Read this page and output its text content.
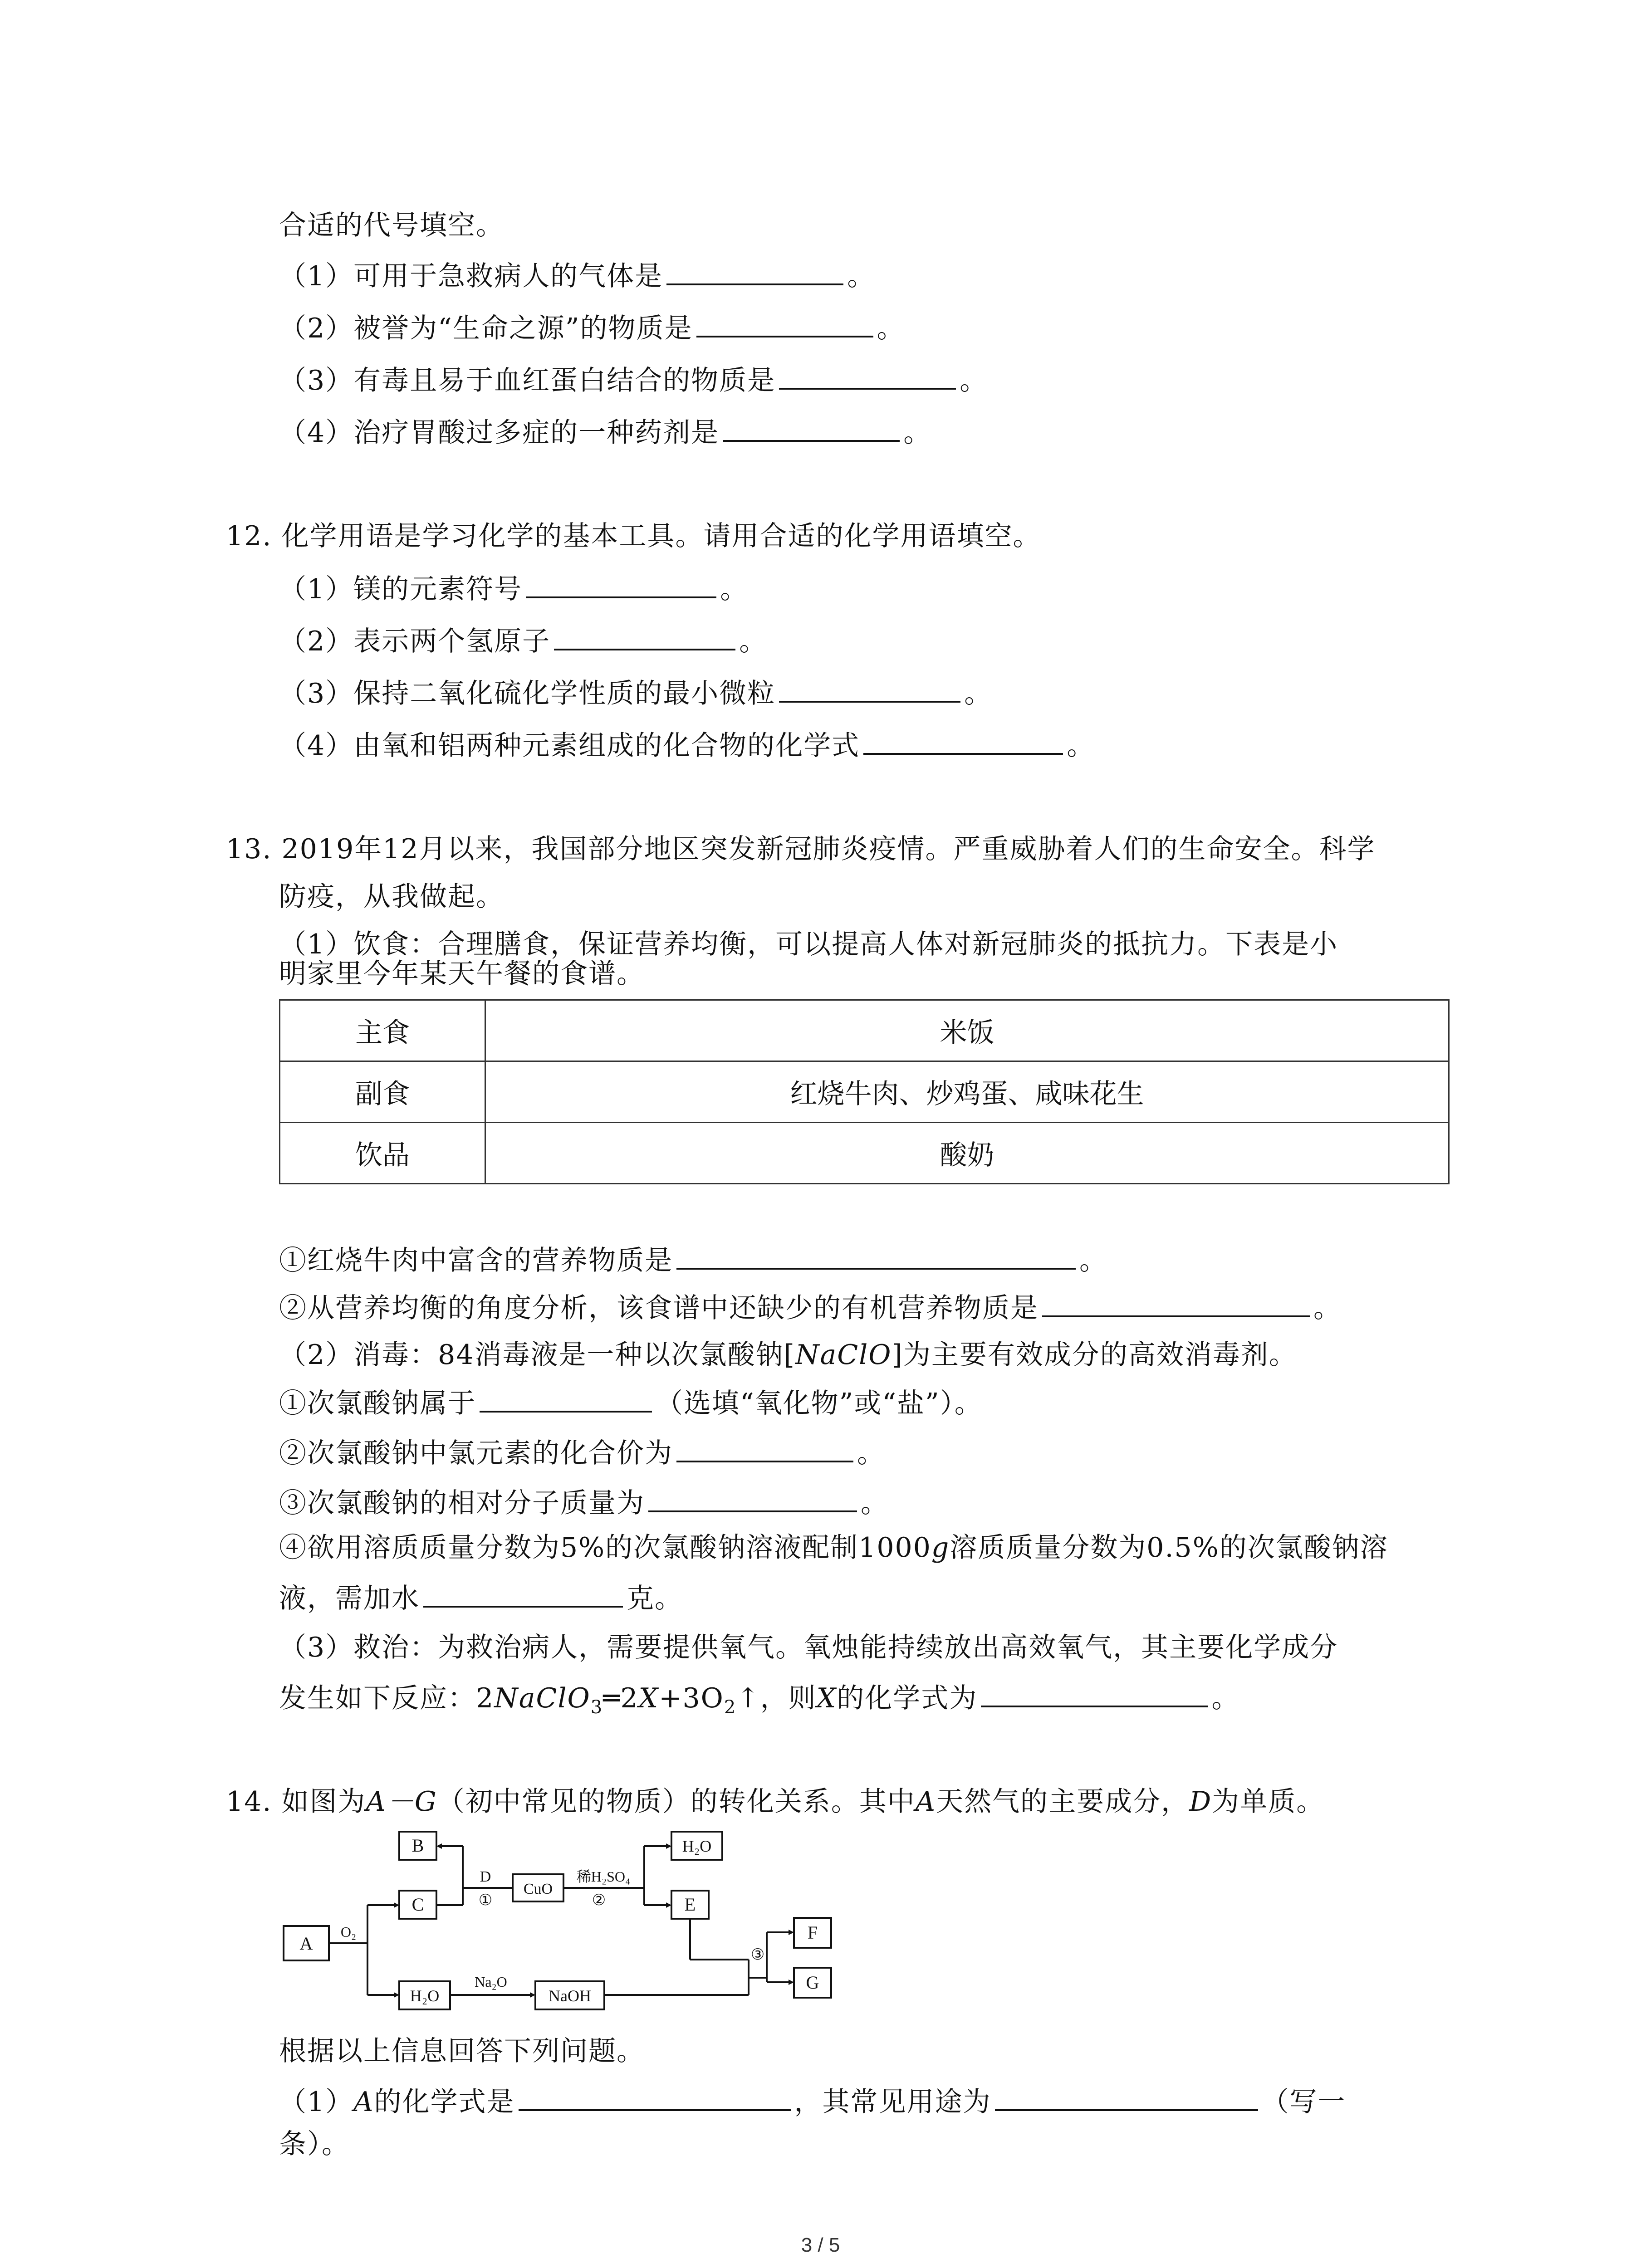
合适的代号填空。
（1）可用于急救病人的气体是	。
（2）被誉为“生命之源”的物质是	。
（3）有毒且易于血红蛋白结合的物质是	。
（4）治疗胃酸过多症的一种药剂是	。
12. 化学用语是学习化学的基本工具。请用合适的化学用语填空。
（1）镁的元素符号	。
（2）表示两个氢原子	。
（3）保持二氧化硫化学性质的最小微粒	。
（4）由氧和铝两种元素组成的化合物的化学式	。
13. 2019年12月以来，我国部分地区突发新冠肺炎疫情。严重威胁着人们的生命安全。科学
防疫，从我做起。
（1）饮食：合理膳食，保证营养均衡，可以提高人体对新冠肺炎的抵抗力。下表是小
明家里今年某天午餐的食谱。
主食	米饭
副食	红烧牛肉、炒鸡蛋、咸味花生
饮品	酸奶
①红烧牛肉中富含的营养物质是	。
②从营养均衡的角度分析，该食谱中还缺少的有机营养物质是	。
（2）消毒：84消毒液是一种以次氯酸钠[NaClO]为主要有效成分的高效消毒剂。
①次氯酸钠属于	（选填“氧化物”或“盐”）。
②次氯酸钠中氯元素的化合价为	。
③次氯酸钠的相对分子质量为	。
④欲用溶质质量分数为5%的次氯酸钠溶液配制1000g溶质质量分数为0.5%的次氯酸钠溶
液，需加水	克。
（3）救治：为救治病人，需要提供氧气。氧烛能持续放出高效氧气，其主要化学成分
发生如下反应：$2NaClO_3═2X+3O_2↑$，则X的化学式为	。
14. 如图为A－G（初中常见的物质）的转化关系。其中A天然气的主要成分，D为单质。
A
O₂
B
C
D
①
CuO
稀H₂SO₄
②
H₂O
E
③
F
G
H₂O
Na₂O
NaOH
根据以上信息回答下列问题。
（1）A的化学式是	，其常见用途为	（写一
条）。
3 / 5
